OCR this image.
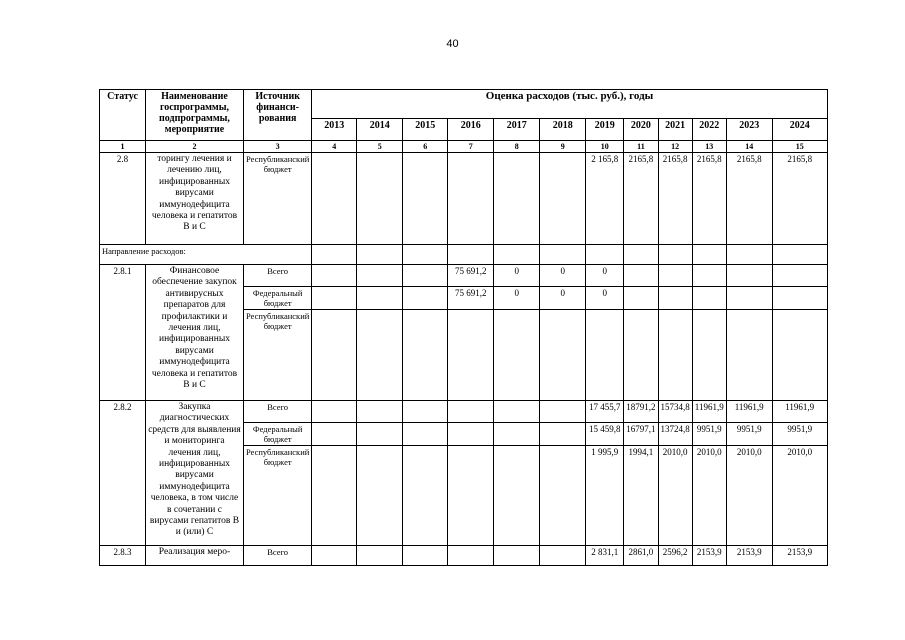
40
Статус	Наименование госпрограммы, подпрограммы, мероприятие	Источник финанси-рования	Оценка расходов (тыс. руб.), годы											
			2013	2014	2015	2016	2017	2018	2019	2020	2021	2022	2023	2024
1	2	3	4	5	6	7	8	9	10	11	12	13	14	15
2.8	торингу лечения и лечению лиц, инфицированных вирусами иммунодефицита человека и гепатитов В и С	Республиканский бюджет							2 165,8	2165,8	2165,8	2165,8	2165,8	2165,8
Направление расходов:														
2.8.1	Финансовое обеспечение закупок антивирусных препаратов для профилактики и лечения лиц, инфицированных вирусами иммунодефицита человека и гепатитов В и С	Всего				75 691,2	0	0	0					
		Федеральный бюджет				75 691,2	0	0	0					
		Республиканский бюджет												
2.8.2	Закупка диагностических средств для выявления и мониторинга лечения лиц, инфицированных вирусами иммунодефицита человека, в том числе в сочетании с вирусами гепатитов В и (или) С	Всего							17 455,7	18791,2	15734,8	11961,9	11961,9	11961,9
		Федеральный бюджет							15 459,8	16797,1	13724,8	9951,9	9951,9	9951,9
		Республиканский бюджет							1 995,9	1994,1	2010,0	2010,0	2010,0	2010,0
2.8.3	Реализация меро-	Всего							2 831,1	2861,0	2596,2	2153,9	2153,9	2153,9
